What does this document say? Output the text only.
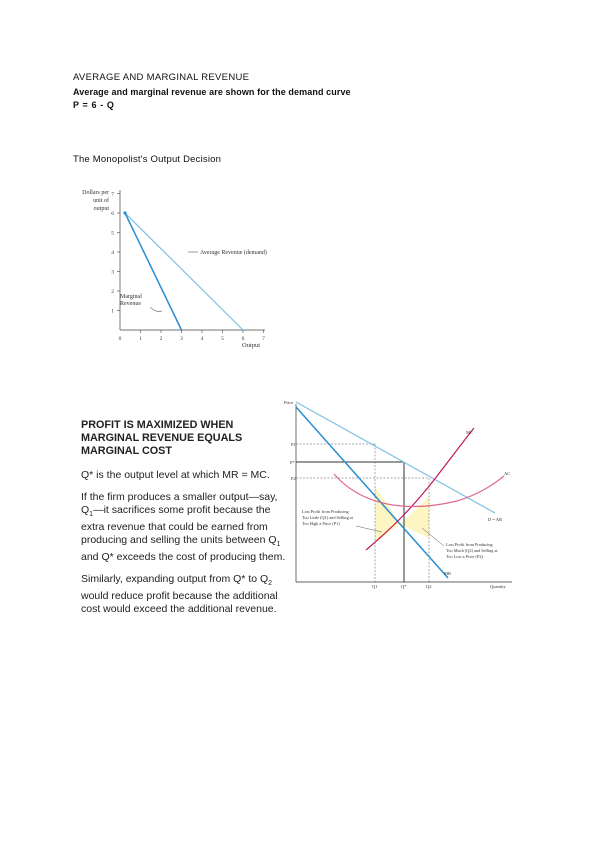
AVERAGE AND MARGINAL REVENUE
Average and marginal revenue are shown for the demand curve
P = 6 - Q
The Monopolist's Output Decision
Dollars per
unit of
output
1
2
3
4
5
6
7
0	1	2	3	4	5	6	7
Average Revenue (demand)
Marginal
Revenue
Output
Price
P1
P*
P2
Q1	Q*	Q2	Quantity
MC
AC
D = AR
MR
Lost Profit from Producing
Too Little (Q1) and Selling at
Too High a Price (P1)
Lost Profit from Producing
Too Much (Q2) and Selling at
Too Low a Price (P2)
PROFIT IS MAXIMIZED WHEN MARGINAL REVENUE EQUALS MARGINAL COST

Q* is the output level at which MR = MC.

If the firm produces a smaller output—say, $Q_1—it$ sacrifices some profit because the extra revenue that could be earned from producing and selling the units between $Q_1$ and Q* exceeds the cost of producing them.

Similarly, expanding output from Q* to $Q_2$ would reduce profit because the additional cost would exceed the additional revenue.
